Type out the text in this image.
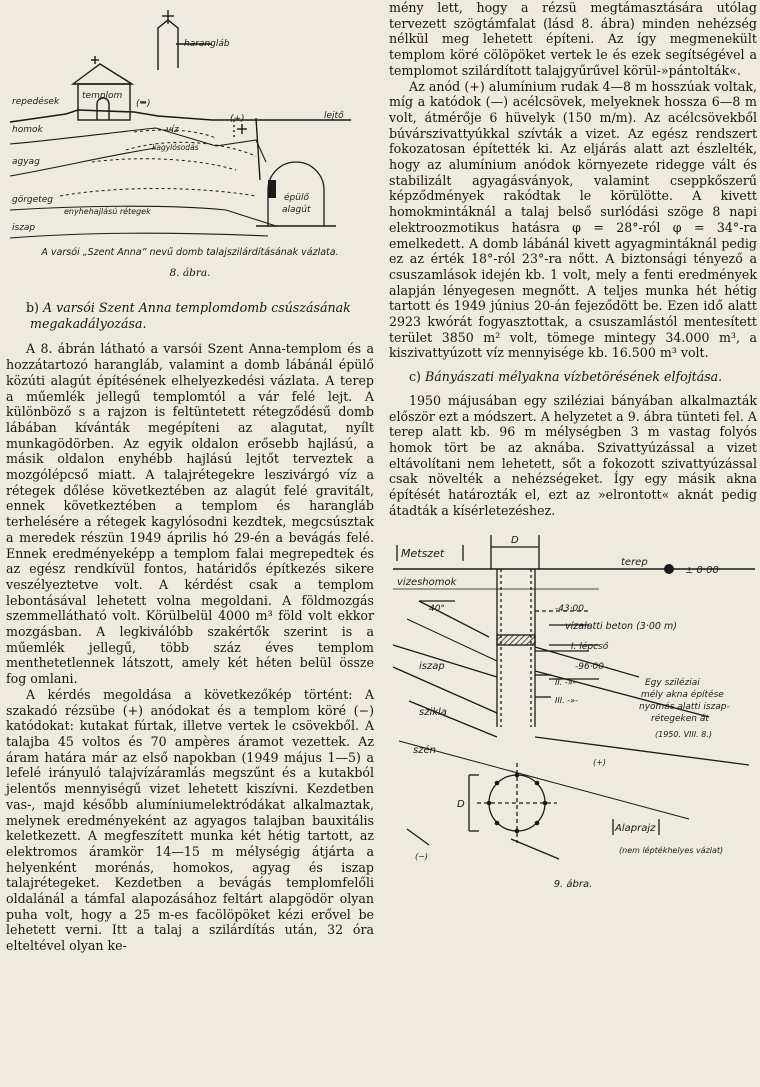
harangláb
repedések
templom
(−)
(+)	lejtő
homok	víz
kagylósodás
agyag
görgeteg
enyhehajlású rétegek
épülő
alagút
iszap
A varsói „Szent Anna” nevű domb talajszilárdításának vázlata.
8. ábra.
b) A varsói Szent Anna templomdomb csúszásának megakadályozása.

A 8. ábrán látható a varsói Szent Anna-templom és a hozzátartozó harangláb, valamint a domb lábánál épülő közúti alagút építésének elhelyezkedési vázlata. A terep a műemlék jellegű templomtól a vár felé lejt. A különböző s a rajzon is feltüntetett rétegződésű domb lábában kívánták megépíteni az alagutat, nyílt munkagödörben. Az egyik oldalon erősebb hajlású, a másik oldalon enyhébb hajlású lejtőt terveztek a mozgólépcső miatt. A talajrétegekre leszivárgó víz a rétegek dőlése következtében az alagút felé gravitált, ennek következtében a templom és harangláb terhelésére a rétegek kagylósodni kezdtek, megcsúsztak a meredek részün 1949 április hó 29-én a bevágás felé. Ennek eredményeképp a templom falai megrepedtek és az egész rendkívül fontos, határidős építkezés sikere veszélyeztetve volt. A kérdést csak a templom lebontásával lehetett volna megoldani. A földmozgás szemmellátható volt. Körülbelül 4000 m³ föld volt ekkor mozgásban. A legkiválóbb szakértők szerint is a műemlék jellegű, több száz éves templom menthetetlennek látszott, amely két héten belül össze fog omlani.

A kérdés megoldása a következőkép történt: A szakadó rézsübe (+) anódokat és a templom köré (−) katódokat: kutakat fúrtak, illetve vertek le csövekből. A talajba 45 voltos és 70 ampères áramot vezettek. Az áram határa már az első napokban (1949 május 1—5) a lefelé irányuló talajvízáramlás megszűnt és a kutakból jelentős mennyiségű vizet lehetett kiszívni. Kezdetben vas-, majd később alumíniumelektródákat alkalmaztak, melynek eredményeként az agyagos talajban bauxitális keletkezett. A megfeszített munka két hétig tartott, az elektromos áramkör 14—15 m mélységig átjárta a helyenként morénás, homokos, agyag és iszap talajrétegeket. Kezdetben a bevágás templomfelőli oldalánál a támfal alapozásához feltárt alapgödör olyan puha volt, hogy a 25 m-es facölöpöket kézi erővel be lehetett verni. Itt a talaj a szilárdítás után, 32 óra elteltével olyan ke-

mény lett, hogy a rézsü megtámasztására utólag tervezett szögtámfalat (lásd 8. ábra) minden nehézség nélkül meg lehetett építeni. Az így megmenekült templom köré cölöpöket vertek le és ezek segítségével a templomot szilárdított talajgyűrűvel körül-»pántolták«.

Az anód (+) alumínium rudak 4—8 m hosszúak voltak, míg a katódok (—) acélcsövek, melyeknek hossza 6—8 m volt, átmérője 6 hüvelyk (150 m/m). Az acélcsövekből búvárszivattyúkkal szívták a vizet. Az egész rendszert fokozatosan építették ki. Az eljárás alatt azt észlelték, hogy az alumínium anódok környezete ridegge vált és stabilizált agyagásványok, valamint cseppkőszerű képződmények rakódtak le körülötte. A kivett homokmintáknál a talaj belső surlódási szöge 8 napi elektroozmotikus hatásra φ = 28°-ról φ = 34°-ra emelkedett. A domb lábánál kivett agyagmintáknál pedig ez az érték 18°-ról 23°-ra nőtt. A biztonsági tényező a csuszamlások idején kb. 1 volt, mely a fenti eredmények alapján lényegesen megnőtt. A teljes munka hét hétig tartott és 1949 június 20-án fejeződött be. Ezen idő alatt 2923 kwórát fogyasztottak, a csuszamlástól mentesített terület 3850 m² volt, tömege mintegy 34.000 m³, a kiszivattyúzott víz mennyisége kb. 16.500 m³ volt.

c) Bányászati mélyakna vízbetörésének elfojtása.

1950 májusában egy sziléziai bányában alkalmazták először ezt a módszert. A helyzetet a 9. ábra tünteti fel. A terep alatt kb. 96 m mélységben 3 m vastag folyós homok tört be az aknába. Szivattyúzással a vizet eltávolítani nem lehetett, sőt a fokozott szivattyúzással csak növelték a nehézségeket. Így egy másik akna építését határozták el, ezt az »elrontott« aknát pedig átadták a kísérletezéshez.

Metszet
D
terep
± 0·00
vizeshomok
-43·00
40°
vízalatti beton (3·00 m)
I. lépcső
-96·00
iszap
II. -»-
III. -»-
szikla
szén
Egy sziléziai
mély akna építése
nyomás alatti iszap-
rétegeken át
(1950. VIII. 8.)
(+)
(−)
Alaprajz
(nem léptékhelyes vázlat)
D
9. ábra.
